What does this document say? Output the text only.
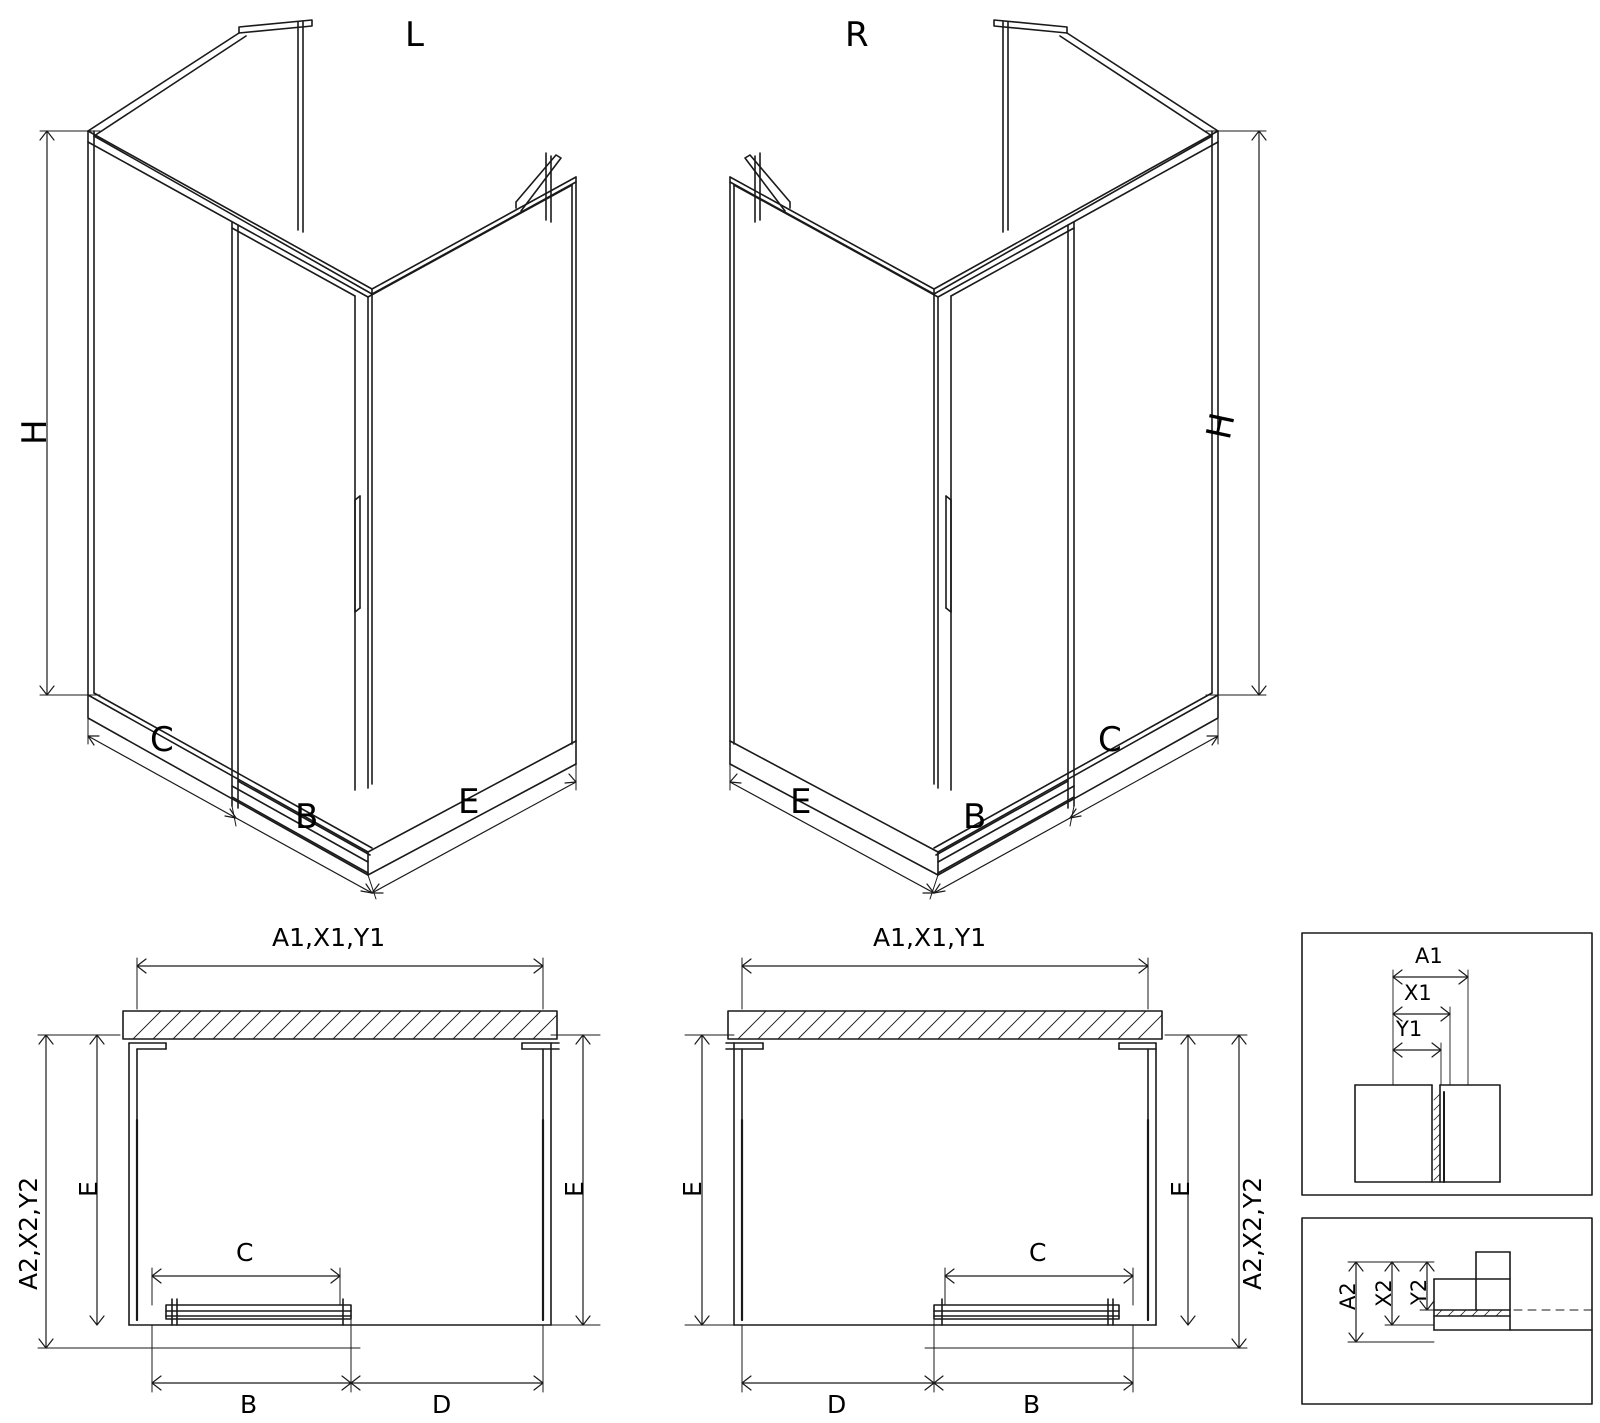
L	R
H	H
C
B	E
C
B
E
A1,X1,Y1
A2,X2,Y2 E	E
C
B	D
A1,X1,Y1
A2,X2,Y2
E	E
C
D	B
A1
X1
Y1
A2 X2 Y2
